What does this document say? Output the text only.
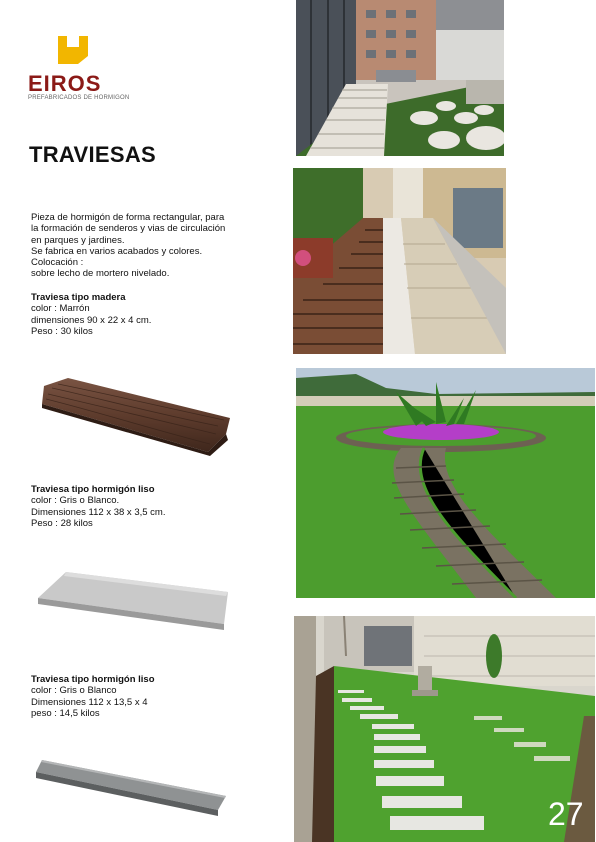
EIROS
PREFABRICADOS DE HORMIGON
TRAVIESAS
Pieza de hormigón de forma rectangular, para
la formación de senderos y vias de circulación
en parques y jardines.
Se fabrica en varios acabados y colores.
Colocación :
sobre lecho de mortero nivelado.
Traviesa tipo madera
color : Marrón
dimensiones 90 x 22 x 4 cm.
Peso : 30 kilos
Traviesa tipo hormigón liso
color : Gris o Blanco.
Dimensiones 112 x 38 x 3,5 cm.
Peso : 28 kilos
Traviesa tipo hormigón liso
color : Gris o Blanco
Dimensiones 112 x 13,5 x 4
peso : 14,5 kilos
27
